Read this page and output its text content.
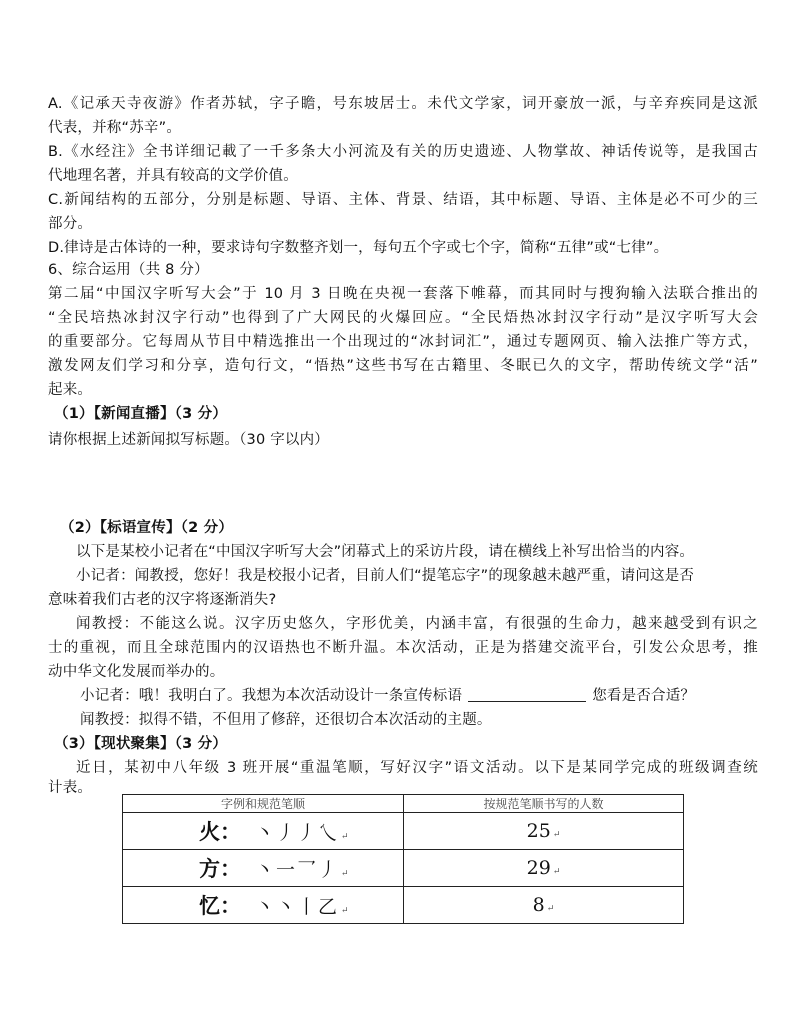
A.《记承天寺夜游》作者苏轼，字子瞻，号东坡居士。未代文学家，词开豪放一派，与辛弃疾同是这派
代表，并称“苏辛”。
B.《水经注》全书详细记載了一千多条大小河流及有关的历史遗迹、人物掌故、神话传说等，是我国古
代地理名著，并具有较高的文学价值。
C.新闻结构的五部分，分别是标题、导语、主体、背景、结语，其中标题、导语、主体是必不可少的三
部分。
D.律诗是古体诗的一种，要求诗句字数整齐划一，每句五个字或七个字，简称“五律”或“七律”。
6、综合运用（共 8 分）
第二届“中国汉字听写大会”于 10 月 3 日晚在央视一套落下帷幕，而其同时与搜狗输入法联合推出的
“全民培热冰封汉字行动”也得到了广大网民的火爆回应。“全民焐热冰封汉字行动”是汉字听写大会
的重要部分。它每周从节目中精选推出一个出现过的“冰封词汇”，通过专题网页、输入法推广等方式，
激发网友们学习和分享，造句行文，“悟热”这些书写在古籍里、冬眠已久的文字，帮助传统文学“活”
起来。
（1）【新闻直播】（3 分）
请你根据上述新闻拟写标题。（30 字以内）
（2）【标语宣传】（2 分）
以下是某校小记者在“中国汉字听写大会”闭幕式上的采访片段，请在横线上补写出恰当的内容。
小记者：闻教授，您好！我是校报小记者，目前人们“提笔忘字”的现象越未越严重，请问这是否
意味着我们古老的汉字将逐渐消失?
闻教授：不能这么说。汉字历史悠久，字形优美，内涵丰富，有很强的生命力，越来越受到有识之
士的重视，而且全球范围内的汉语热也不断升温。本次活动，正是为搭建交流平台，引发公众思考，推
动中华文化发展而举办的。
小记者：哦！我明白了。我想为本次活动设计一条宣传标语	您看是否合适？
闻教授：拟得不错，不但用了修辞，还很切合本次活动的主题。
（3）【现状聚集】（3 分）
近日，某初中八年级 3 班开展“重温笔顺，写好汉字”语文活动。以下是某同学完成的班级调查统
计表。
字例和规范笔顺	按规范笔顺书写的人数
火： 丶丿丿乀 ↵	25 ↵
方： 丶一乛丿 ↵	29 ↵
忆： 丶丶丨乙 ↵	8 ↵
